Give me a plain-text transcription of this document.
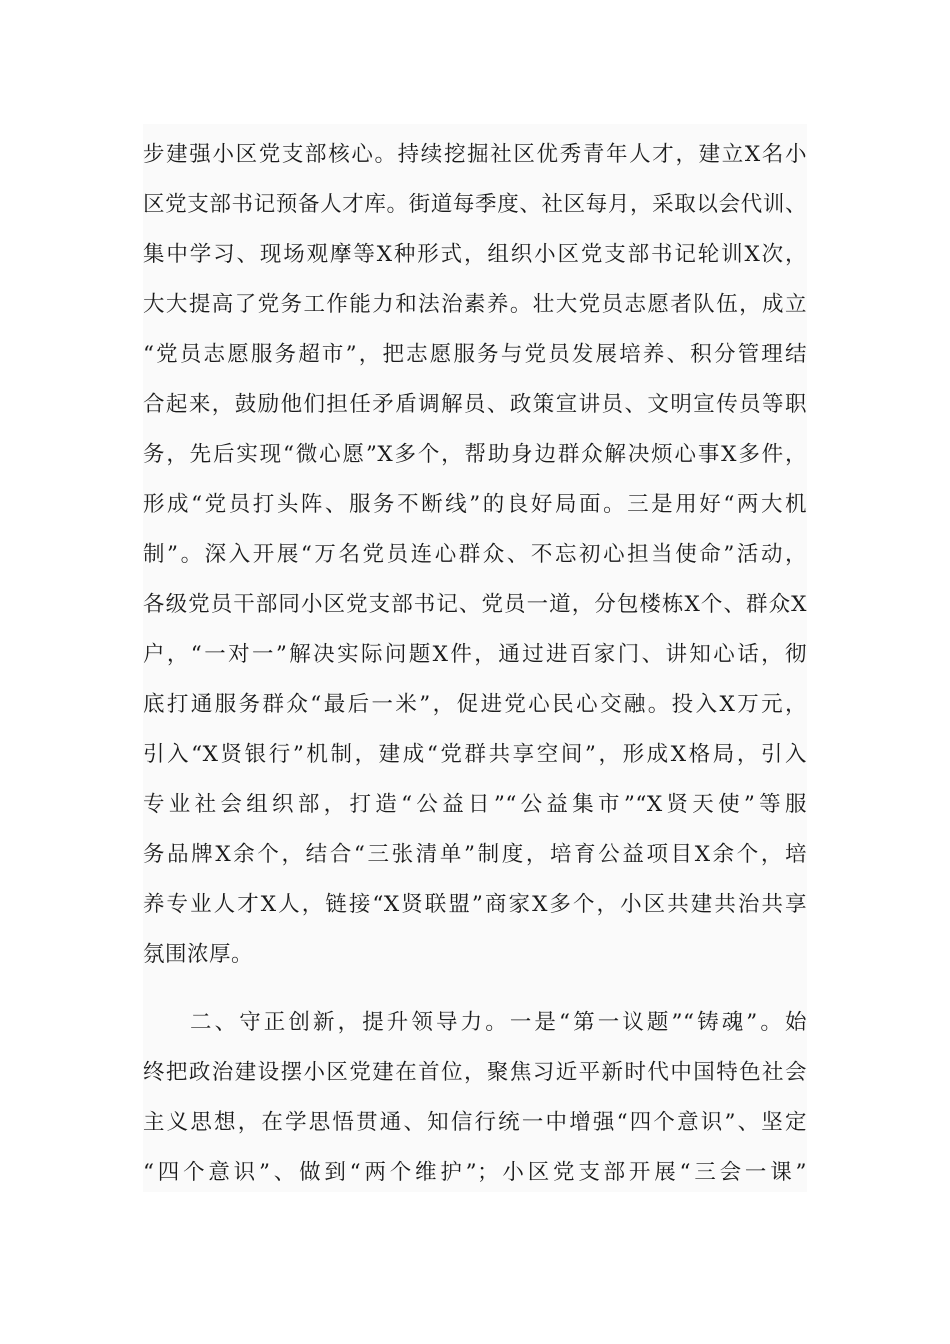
步建强小区党支部核心。持续挖掘社区优秀青年人才，建立X名小
区党支部书记预备人才库。街道每季度、社区每月，采取以会代训、
集中学习、现场观摩等X种形式，组织小区党支部书记轮训X次，
大大提高了党务工作能力和法治素养。壮大党员志愿者队伍，成立
“党员志愿服务超市”，把志愿服务与党员发展培养、积分管理结
合起来，鼓励他们担任矛盾调解员、政策宣讲员、文明宣传员等职
务，先后实现“微心愿”X多个，帮助身边群众解决烦心事X多件，
形成“党员打头阵、服务不断线”的良好局面。三是用好“两大机
制”。深入开展“万名党员连心群众、不忘初心担当使命”活动，
各级党员干部同小区党支部书记、党员一道，分包楼栋X个、群众X
户，“一对一”解决实际问题X件，通过进百家门、讲知心话，彻
底打通服务群众“最后一米”，促进党心民心交融。投入X万元，
引入“X贤银行”机制，建成“党群共享空间”，形成X格局，引入
专业社会组织部，打造“公益日”“公益集市”“X贤天使”等服
务品牌X余个，结合“三张清单”制度，培育公益项目X余个，培
养专业人才X人，链接“X贤联盟”商家X多个，小区共建共治共享
氛围浓厚。
二、守正创新，提升领导力。一是“第一议题”“铸魂”。始
终把政治建设摆小区党建在首位，聚焦习近平新时代中国特色社会
主义思想，在学思悟贯通、知信行统一中增强“四个意识”、坚定
“四个意识”、做到“两个维护”；小区党支部开展“三会一课”
